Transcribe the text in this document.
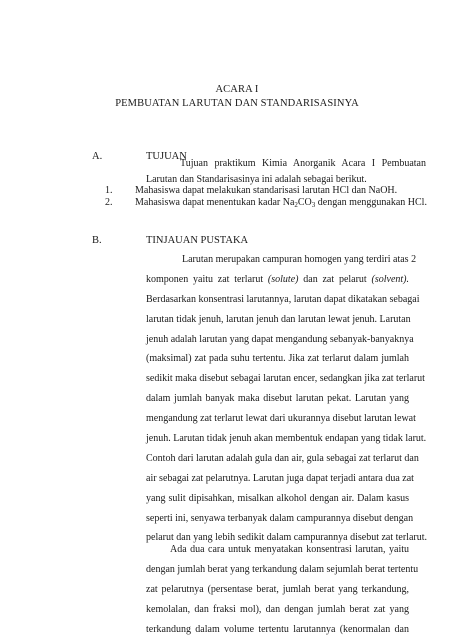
ACARA I
PEMBUATAN LARUTAN DAN STANDARISASINYA
A.	TUJUAN
Tujuan praktikum Kimia Anorganik Acara I Pembuatan
Larutan dan Standarisasinya ini adalah sebagai berikut.
1.	Mahasiswa dapat melakukan standarisasi larutan HCl dan NaOH.
2.	Mahasiswa dapat menentukan kadar $Na_2CO_3$ dengan menggunakan HCl.
B.	TINJAUAN PUSTAKA
Larutan merupakan campuran homogen yang terdiri atas 2
komponen yaitu zat terlarut (solute) dan zat pelarut (solvent).
Berdasarkan konsentrasi larutannya, larutan dapat dikatakan sebagai
larutan tidak jenuh, larutan jenuh dan larutan lewat jenuh. Larutan
jenuh adalah larutan yang dapat mengandung sebanyak-banyaknya
(maksimal) zat pada suhu tertentu. Jika zat terlarut dalam jumlah
sedikit maka disebut sebagai larutan encer, sedangkan jika zat terlarut
dalam jumlah banyak maka disebut larutan pekat. Larutan yang
mengandung zat terlarut lewat dari ukurannya disebut larutan lewat
jenuh. Larutan tidak jenuh akan membentuk endapan yang tidak larut.
Contoh dari larutan adalah gula dan air, gula sebagai zat terlarut dan
air sebagai zat pelarutnya. Larutan juga dapat terjadi antara dua zat
yang sulit dipisahkan, misalkan alkohol dengan air. Dalam kasus
seperti ini, senyawa terbanyak dalam campurannya disebut dengan
pelarut dan yang lebih sedikit dalam campurannya disebut zat terlarut.
Ada dua cara untuk menyatakan konsentrasi larutan, yaitu
dengan jumlah berat yang terkandung dalam sejumlah berat tertentu
zat pelarutnya (persentase berat, jumlah berat yang terkandung,
kemolalan, dan fraksi mol), dan dengan jumlah berat zat yang
terkandung dalam volume tertentu larutannya (kenormalan dan
